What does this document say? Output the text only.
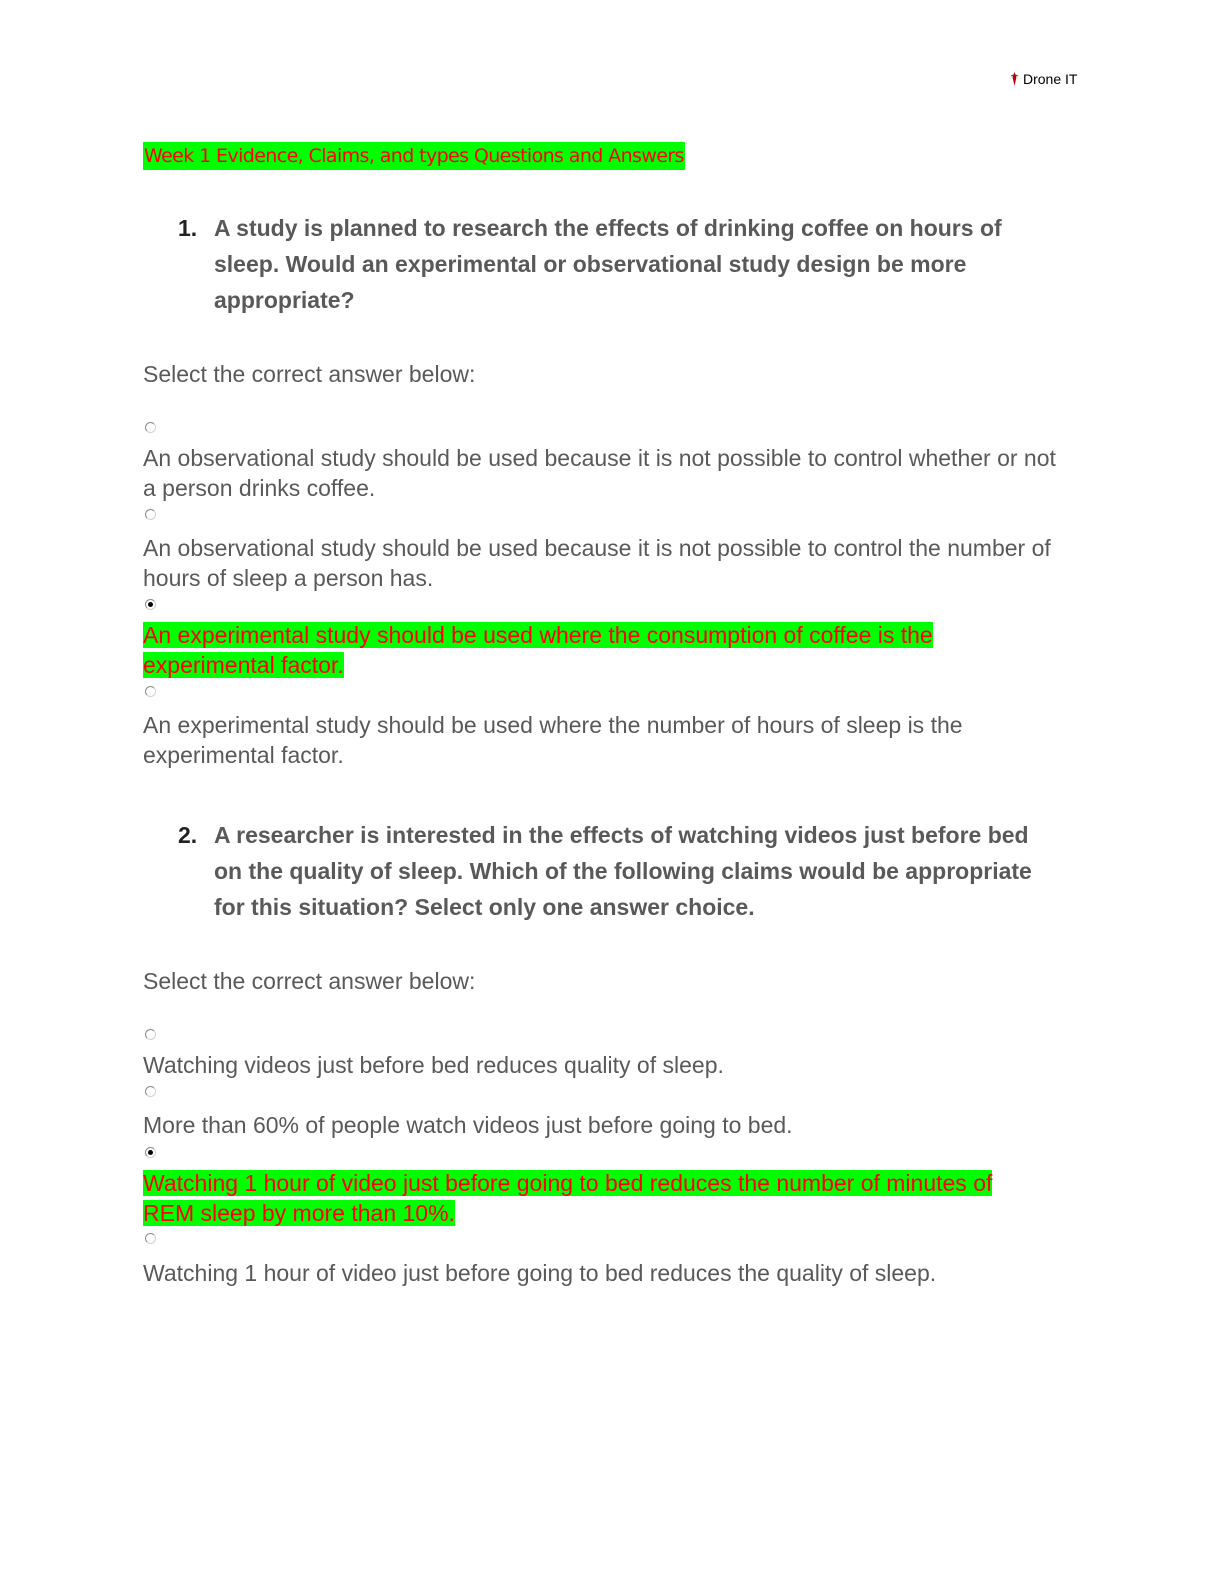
Drone IT
Week 1 Evidence, Claims, and types Questions and Answers
1. A study is planned to research the effects of drinking coffee on hours of sleep. Would an experimental or observational study design be more appropriate?
Select the correct answer below:
An observational study should be used because it is not possible to control whether or not a person drinks coffee.
An observational study should be used because it is not possible to control the number of hours of sleep a person has.
An experimental study should be used where the consumption of coffee is the experimental factor.
An experimental study should be used where the number of hours of sleep is the experimental factor.
2. A researcher is interested in the effects of watching videos just before bed on the quality of sleep. Which of the following claims would be appropriate for this situation? Select only one answer choice.
Select the correct answer below:
Watching videos just before bed reduces quality of sleep.
More than 60% of people watch videos just before going to bed.
Watching 1 hour of video just before going to bed reduces the number of minutes of REM sleep by more than 10%.
Watching 1 hour of video just before going to bed reduces the quality of sleep.
